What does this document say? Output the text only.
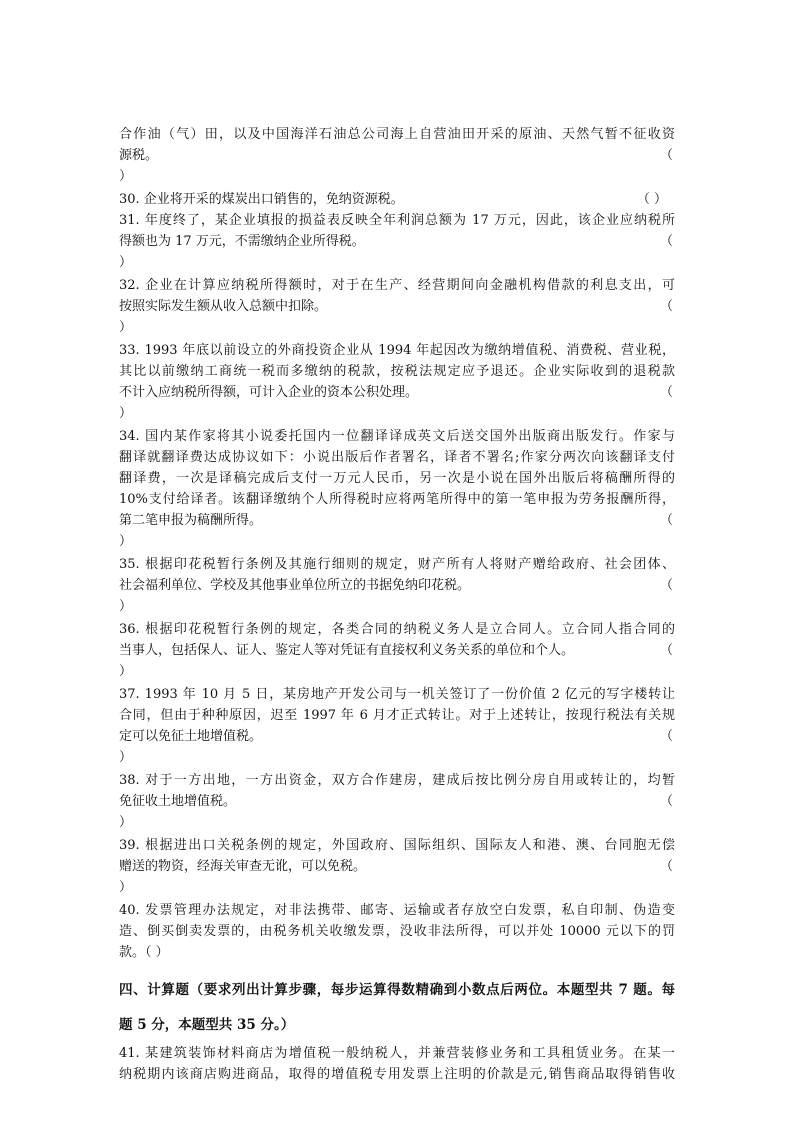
合作油（气）田，以及中国海洋石油总公司海上自营油田开采的原油、天然气暂不征收资
源税。	（
）
30. 企业将开采的煤炭出口销售的，免纳资源税。	（ ）
31. 年度终了，某企业填报的损益表反映全年利润总额为 17 万元，因此，该企业应纳税所
得额也为 17 万元，不需缴纳企业所得税。	（
）
32. 企业在计算应纳税所得额时，对于在生产、经营期间向金融机构借款的利息支出，可
按照实际发生额从收入总额中扣除。	（
）
33. 1993 年底以前设立的外商投资企业从 1994 年起因改为缴纳增值税、消费税、营业税，
其比以前缴纳工商统一税而多缴纳的税款，按税法规定应予退还。企业实际收到的退税款
不计入应纳税所得额，可计入企业的资本公积处理。	（
）
34. 国内某作家将其小说委托国内一位翻译译成英文后送交国外出版商出版发行。作家与
翻译就翻译费达成协议如下：小说出版后作者署名，译者不署名;作家分两次向该翻译支付
翻译费，一次是译稿完成后支付一万元人民币，另一次是小说在国外出版后将稿酬所得的
10%支付给译者。该翻译缴纳个人所得税时应将两笔所得中的第一笔申报为劳务报酬所得，
第二笔申报为稿酬所得。	（
）
35. 根据印花税暂行条例及其施行细则的规定，财产所有人将财产赠给政府、社会团体、
社会福利单位、学校及其他事业单位所立的书据免纳印花税。	（
）
36. 根据印花税暂行条例的规定，各类合同的纳税义务人是立合同人。立合同人指合同的
当事人，包括保人、证人、鉴定人等对凭证有直接权利义务关系的单位和个人。	（
）
37. 1993 年 10 月 5 日，某房地产开发公司与一机关签订了一份价值 2 亿元的写字楼转让
合同，但由于种种原因，迟至 1997 年 6 月才正式转让。对于上述转让，按现行税法有关规
定可以免征土地增值税。	（
）
38. 对于一方出地，一方出资金，双方合作建房，建成后按比例分房自用或转让的，均暂
免征收土地增值税。	（
）
39. 根据进出口关税条例的规定，外国政府、国际组织、国际友人和港、澳、台同胞无偿
赠送的物资，经海关审查无讹，可以免税。	（
）
40. 发票管理办法规定，对非法携带、邮寄、运输或者存放空白发票，私自印制、伪造变
造、倒买倒卖发票的，由税务机关收缴发票，没收非法所得，可以并处 10000 元以下的罚
款。（ ）
四、计算题（要求列出计算步骤，每步运算得数精确到小数点后两位。本题型共 7 题。每
题 5 分，本题型共 35 分。）
41. 某建筑装饰材料商店为增值税一般纳税人，并兼营装修业务和工具租赁业务。在某一
纳税期内该商店购进商品，取得的增值税专用发票上注明的价款是元,销售商品取得销售收
